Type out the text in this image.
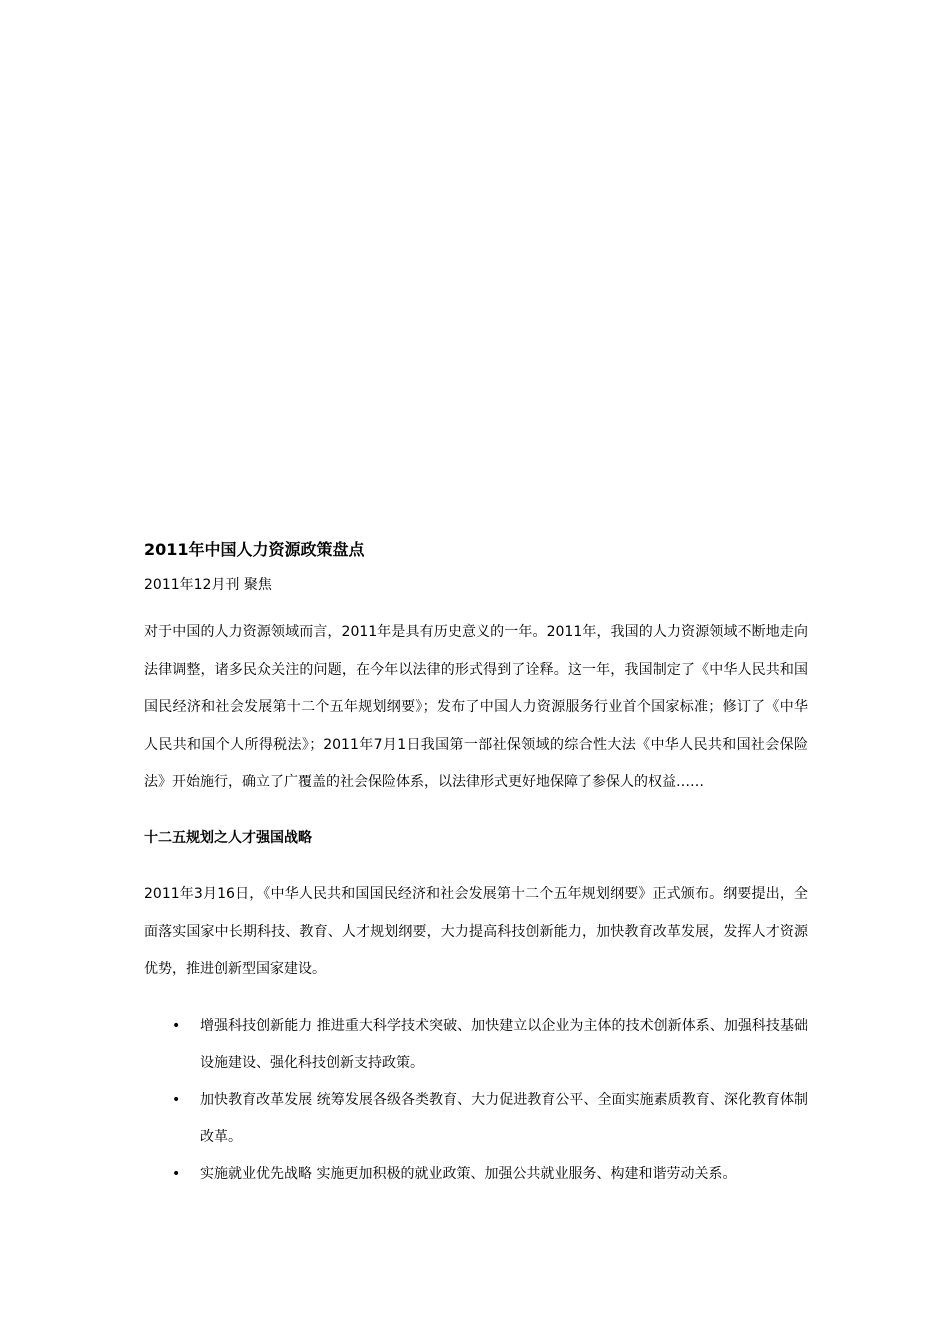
2011年中国人力资源政策盘点
2011年12月刊 聚焦

对于中国的人力资源领域而言，2011年是具有历史意义的一年。2011年，我国的人力资源领域不断地走向法律调整，诸多民众关注的问题，在今年以法律的形式得到了诠释。这一年，我国制定了《中华人民共和国国民经济和社会发展第十二个五年规划纲要》；发布了中国人力资源服务行业首个国家标准；修订了《中华人民共和国个人所得税法》；2011年7月1日我国第一部社保领域的综合性大法《中华人民共和国社会保险法》开始施行，确立了广覆盖的社会保险体系，以法律形式更好地保障了参保人的权益……

十二五规划之人才强国战略

2011年3月16日，《中华人民共和国国民经济和社会发展第十二个五年规划纲要》正式颁布。纲要提出，全面落实国家中长期科技、教育、人才规划纲要，大力提高科技创新能力，加快教育改革发展，发挥人才资源优势，推进创新型国家建设。

• 增强科技创新能力 推进重大科学技术突破、加快建立以企业为主体的技术创新体系、加强科技基础设施建设、强化科技创新支持政策。
• 加快教育改革发展 统筹发展各级各类教育、大力促进教育公平、全面实施素质教育、深化教育体制改革。
• 实施就业优先战略 实施更加积极的就业政策、加强公共就业服务、构建和谐劳动关系。
